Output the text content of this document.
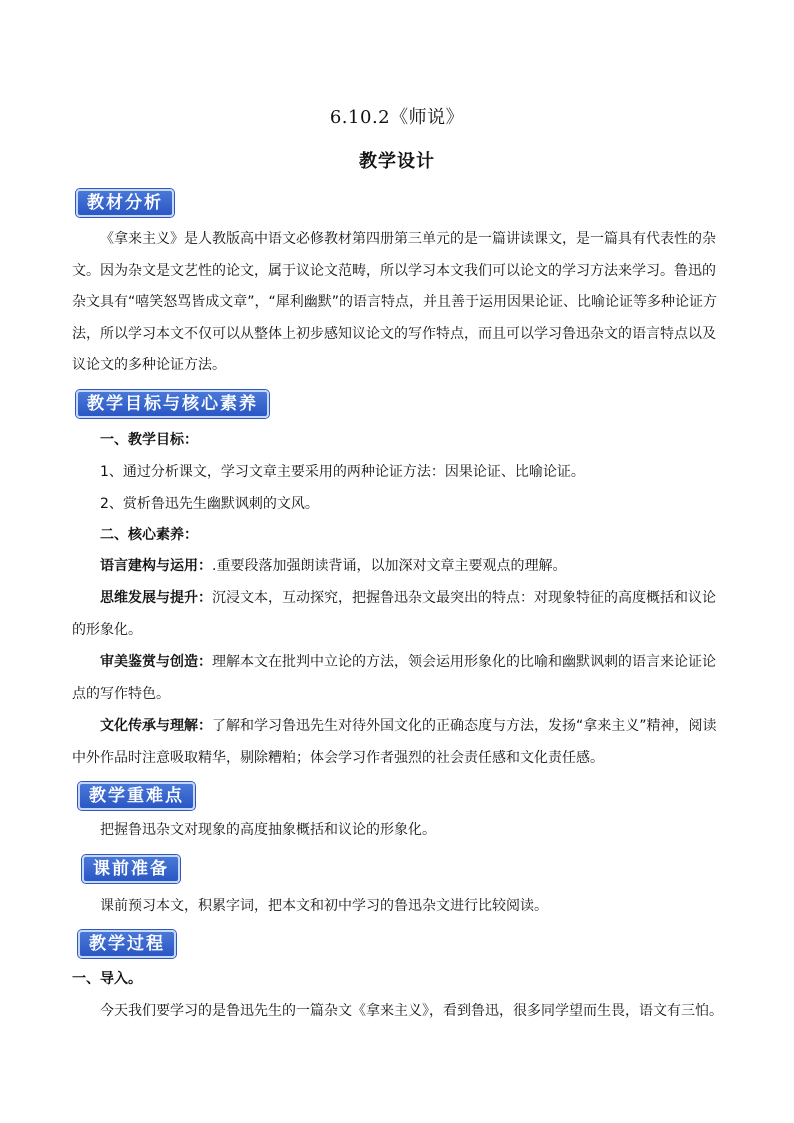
6.10.2《师说》
教学设计
教材分析
《拿来主义》是人教版高中语文必修教材第四册第三单元的是一篇讲读课文，是一篇具有代表性的杂文。因为杂文是文艺性的论文，属于议论文范畴，所以学习本文我们可以论文的学习方法来学习。鲁迅的杂文具有“嘻笑怒骂皆成文章”，“犀利幽默”的语言特点，并且善于运用因果论证、比喻论证等多种论证方法，所以学习本文不仅可以从整体上初步感知议论文的写作特点，而且可以学习鲁迅杂文的语言特点以及议论文的多种论证方法。
教学目标与核心素养
一、教学目标：
1、通过分析课文，学习文章主要采用的两种论证方法：因果论证、比喻论证。
2、赏析鲁迅先生幽默讽刺的文风。
二、核心素养：
语言建构与运用：.重要段落加强朗读背诵，以加深对文章主要观点的理解。
思维发展与提升：沉浸文本，互动探究，把握鲁迅杂文最突出的特点：对现象特征的高度概括和议论的形象化。
审美鉴赏与创造：理解本文在批判中立论的方法，领会运用形象化的比喻和幽默讽刺的语言来论证论点的写作特色。
文化传承与理解：了解和学习鲁迅先生对待外国文化的正确态度与方法，发扬“拿来主义”精神，阅读中外作品时注意吸取精华，剔除糟粕；体会学习作者强烈的社会责任感和文化责任感。
教学重难点
把握鲁迅杂文对现象的高度抽象概括和议论的形象化。
课前准备
课前预习本文，积累字词，把本文和初中学习的鲁迅杂文进行比较阅读。
教学过程
一、导入。
今天我们要学习的是鲁迅先生的一篇杂文《拿来主义》，看到鲁迅，很多同学望而生畏，语文有三怕。
